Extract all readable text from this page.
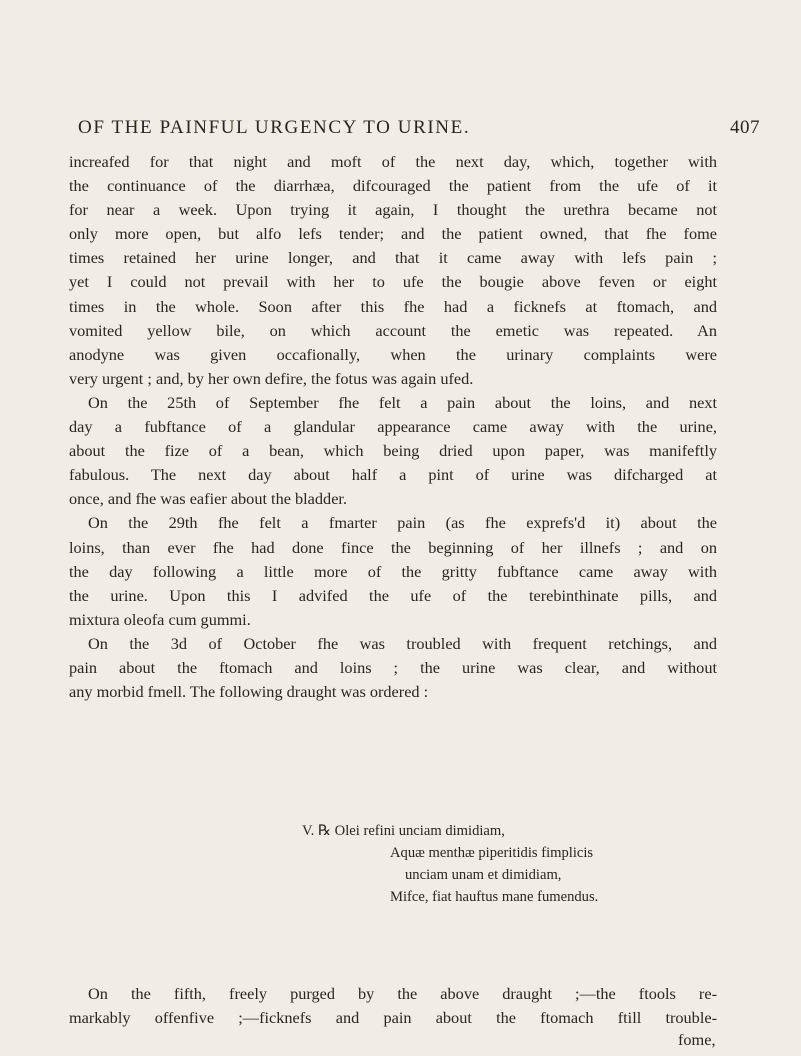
OF THE PAINFUL URGENCY TO URINE.	407
increafed for that night and moft of the next day, which, together with
the continuance of the diarrhæa, difcouraged the patient from the ufe of it
for near a week. Upon trying it again, I thought the urethra became not
only more open, but alfo lefs tender; and the patient owned, that fhe fome
times retained her urine longer, and that it came away with lefs pain ;
yet I could not prevail with her to ufe the bougie above feven or eight
times in the whole. Soon after this fhe had a ficknefs at ftomach, and
vomited yellow bile, on which account the emetic was repeated. An
anodyne was given occafionally, when the urinary complaints were
very urgent ; and, by her own defire, the fotus was again ufed.
On the 25th of September fhe felt a pain about the loins, and next
day a fubftance of a glandular appearance came away with the urine,
about the fize of a bean, which being dried upon paper, was manifeftly
fabulous. The next day about half a pint of urine was difcharged at
once, and fhe was eafier about the bladder.
On the 29th fhe felt a fmarter pain (as fhe exprefs'd it) about the
loins, than ever fhe had done fince the beginning of her illnefs ; and on
the day following a little more of the gritty fubftance came away with
the urine. Upon this I advifed the ufe of the terebinthinate pills, and
mixtura oleofa cum gummi.
On the 3d of October fhe was troubled with frequent retchings, and
pain about the ftomach and loins ; the urine was clear, and without
any morbid fmell. The following draught was ordered :
V. ℞ Olei refini unciam dimidiam,
Aquæ menthæ piperitidis fimplicis
unciam unam et dimidiam,
Mifce, fiat hauftus mane fumendus.
On the fifth, freely purged by the above draught ;—the ftools re-
markably offenfive ;—ficknefs and pain about the ftomach ftill trouble-
fome,
